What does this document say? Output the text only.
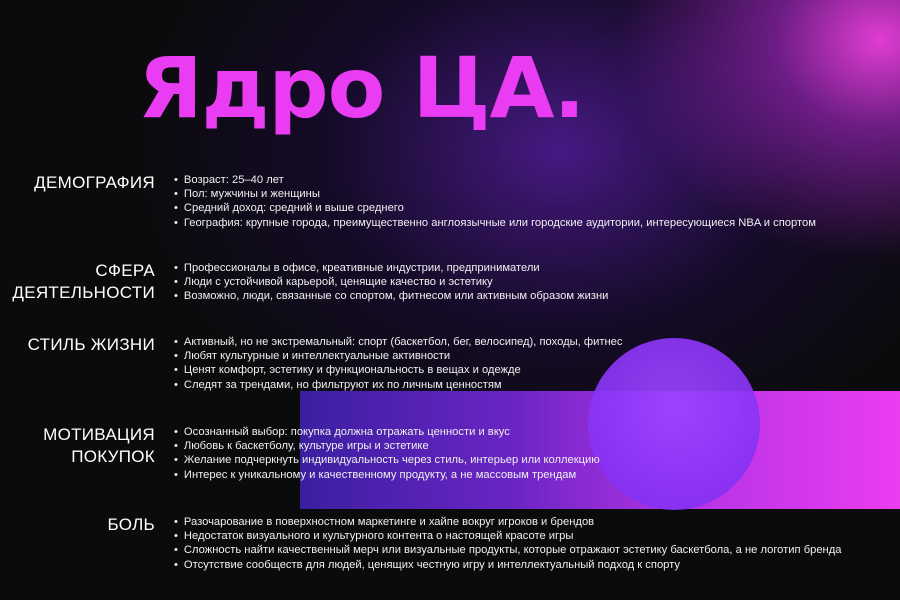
Ядро ЦА.
ДЕМОГРАФИЯ	• Возраст: 25–40 лет
• Пол: мужчины и женщины
• Средний доход: средний и выше среднего
• География: крупные города, преимущественно англоязычные или городские аудитории, интересующиеся NBA и спортом
СФЕРА
ДЕЯТЕЛЬНОСТИ
• Профессионалы в офисе, креативные индустрии, предприниматели
• Люди с устойчивой карьерой, ценящие качество и эстетику
• Возможно, люди, связанные со спортом, фитнесом или активным образом жизни
СТИЛЬ ЖИЗНИ	• Активный, но не экстремальный: спорт (баскетбол, бег, велосипед), походы, фитнес
• Любят культурные и интеллектуальные активности
• Ценят комфорт, эстетику и функциональность в вещах и одежде
• Следят за трендами, но фильтруют их по личным ценностям
МОТИВАЦИЯ
ПОКУПОК
• Осознанный выбор: покупка должна отражать ценности и вкус
• Любовь к баскетболу, культуре игры и эстетике
• Желание подчеркнуть индивидуальность через стиль, интерьер или коллекцию
• Интерес к уникальному и качественному продукту, а не массовым трендам
БОЛЬ	• Разочарование в поверхностном маркетинге и хайпе вокруг игроков и брендов
• Недостаток визуального и культурного контента о настоящей красоте игры
• Сложность найти качественный мерч или визуальные продукты, которые отражают эстетику баскетбола, а не логотип бренда
• Отсутствие сообществ для людей, ценящих честную игру и интеллектуальный подход к спорту
